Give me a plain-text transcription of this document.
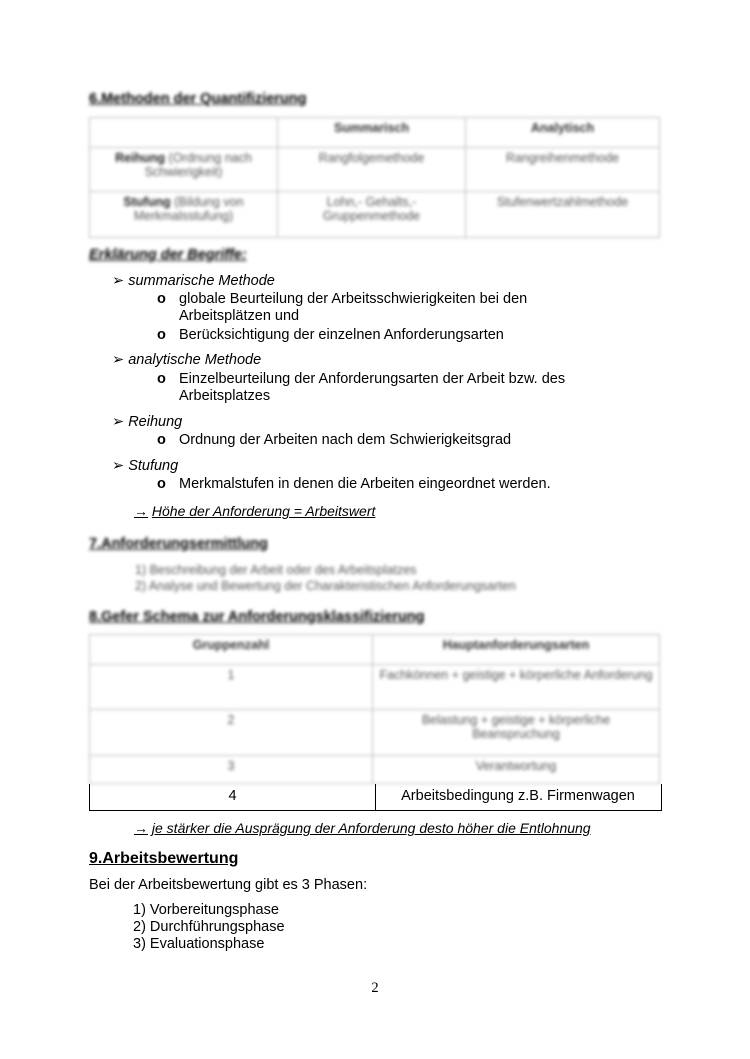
6.Methoden der Quantifizierung
	Summarisch	Analytisch
Reihung (Ordnung nach Schwierigkeit)	Rangfolgemethode	Rangreihenmethode
Stufung (Bildung von Merkmalsstufung)	Lohn,- Gehalts,- Gruppenmethode	Stufenwertzahlmethode
Erklärung der Begriffe:
➢ summarische Methode
o globale Beurteilung der Arbeitsschwierigkeiten bei den Arbeitsplätzen und
o Berücksichtigung der einzelnen Anforderungsarten
➢ analytische Methode
o Einzelbeurteilung der Anforderungsarten der Arbeit bzw. des Arbeitsplatzes
➢ Reihung
o Ordnung der Arbeiten nach dem Schwierigkeitsgrad
➢ Stufung
o Merkmalstufen in denen die Arbeiten eingeordnet werden.
→ Höhe der Anforderung = Arbeitswert
7.Anforderungsermittlung
1) Beschreibung der Arbeit oder des Arbeitsplatzes
2) Analyse und Bewertung der Charakteristischen Anforderungsarten
8.Gefer Schema zur Anforderungsklassifizierung
Gruppenzahl	Hauptanforderungsarten
1	Fachkönnen + geistige + körperliche Anforderung
2	Belastung + geistige + körperliche Beanspruchung
3	Verantwortung
4	Arbeitsbedingung z.B. Firmenwagen
→ je stärker die Ausprägung der Anforderung desto höher die Entlohnung
9.Arbeitsbewertung
Bei der Arbeitsbewertung gibt es 3 Phasen:
1) Vorbereitungsphase
2) Durchführungsphase
3) Evaluationsphase
2
